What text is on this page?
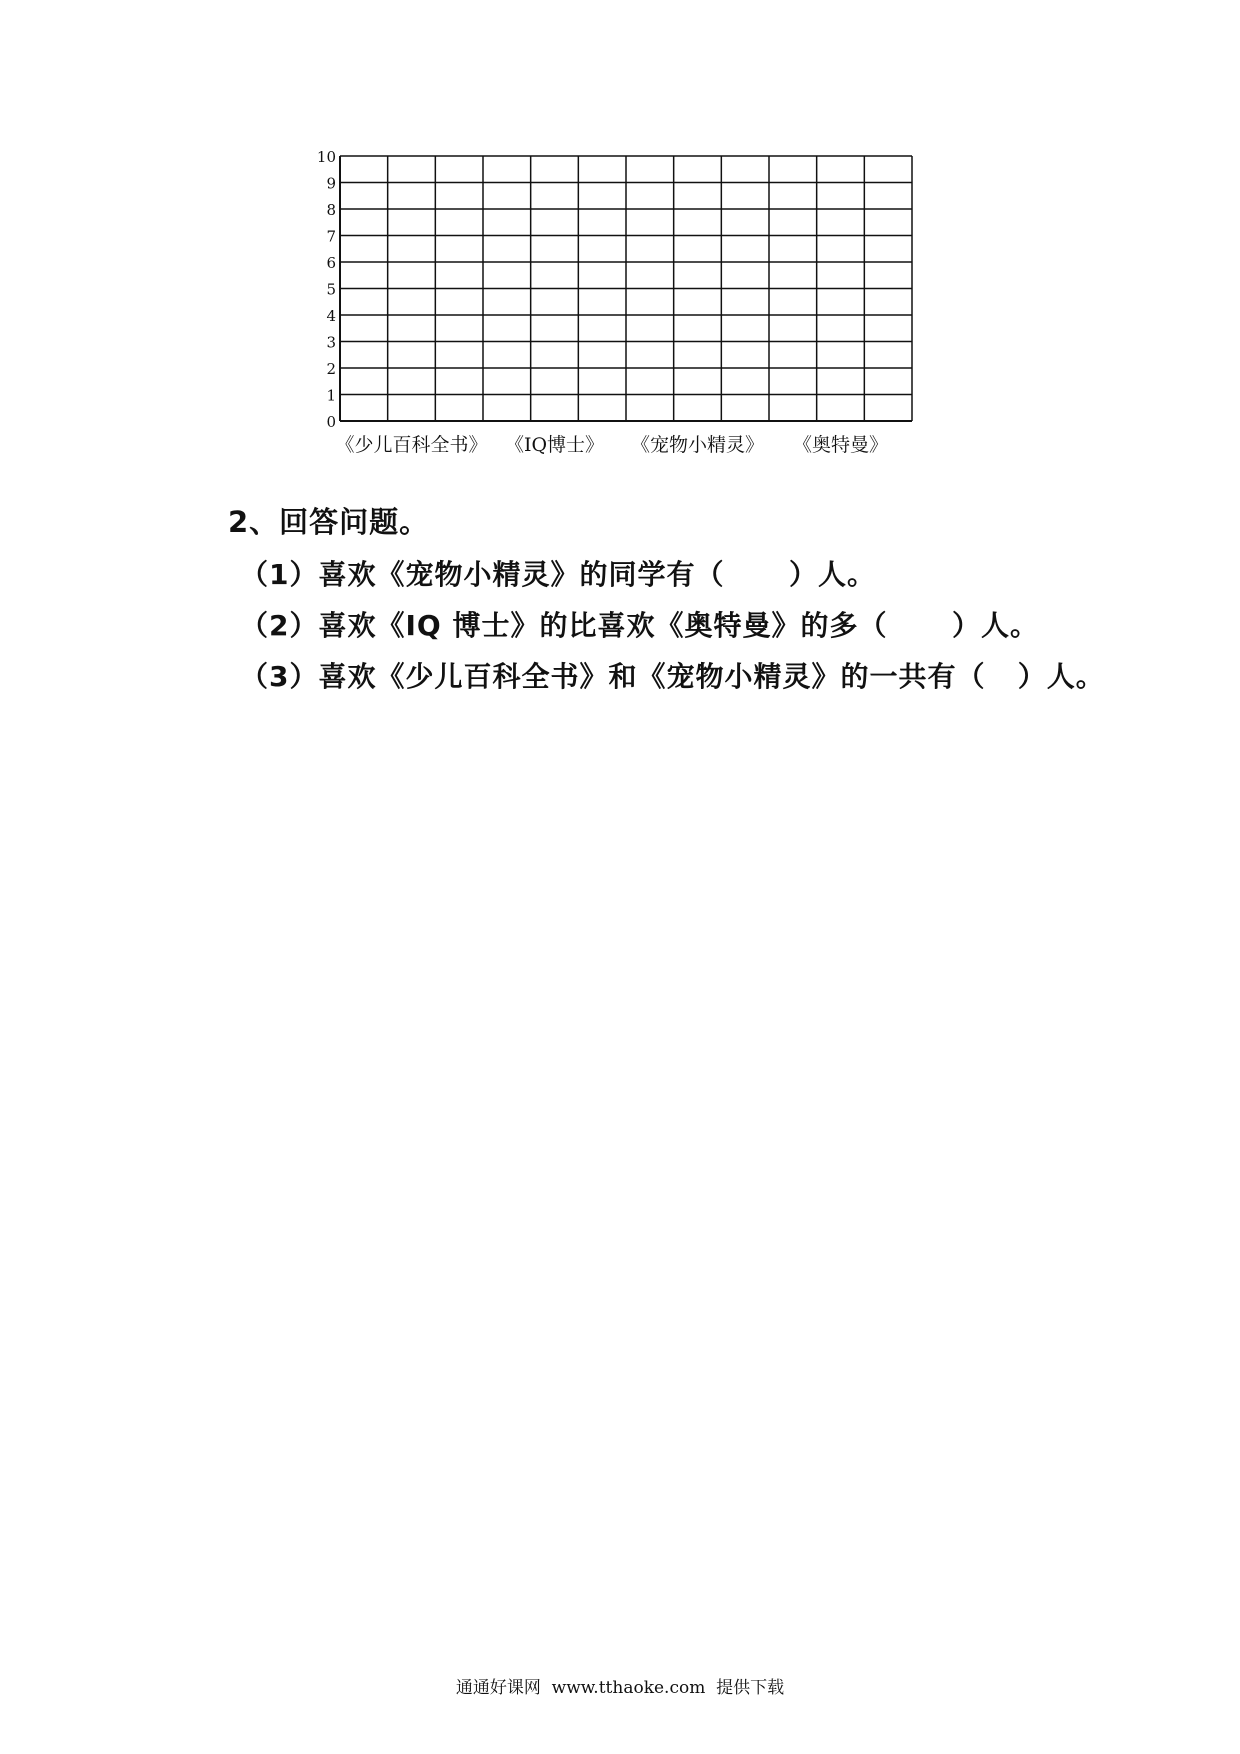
0
1
2
3
4
5
6
7
8
9
10
《少儿百科全书》 《IQ博士》 《宠物小精灵》 《奥特曼》
2、回答问题。
（1）喜欢《宠物小精灵》的同学有（      ）人。
（2）喜欢《IQ 博士》的比喜欢《奥特曼》的多（      ）人。
（3）喜欢《少儿百科全书》和《宠物小精灵》的一共有（   ）人。
通通好课网  www.tthaoke.com  提供下载
